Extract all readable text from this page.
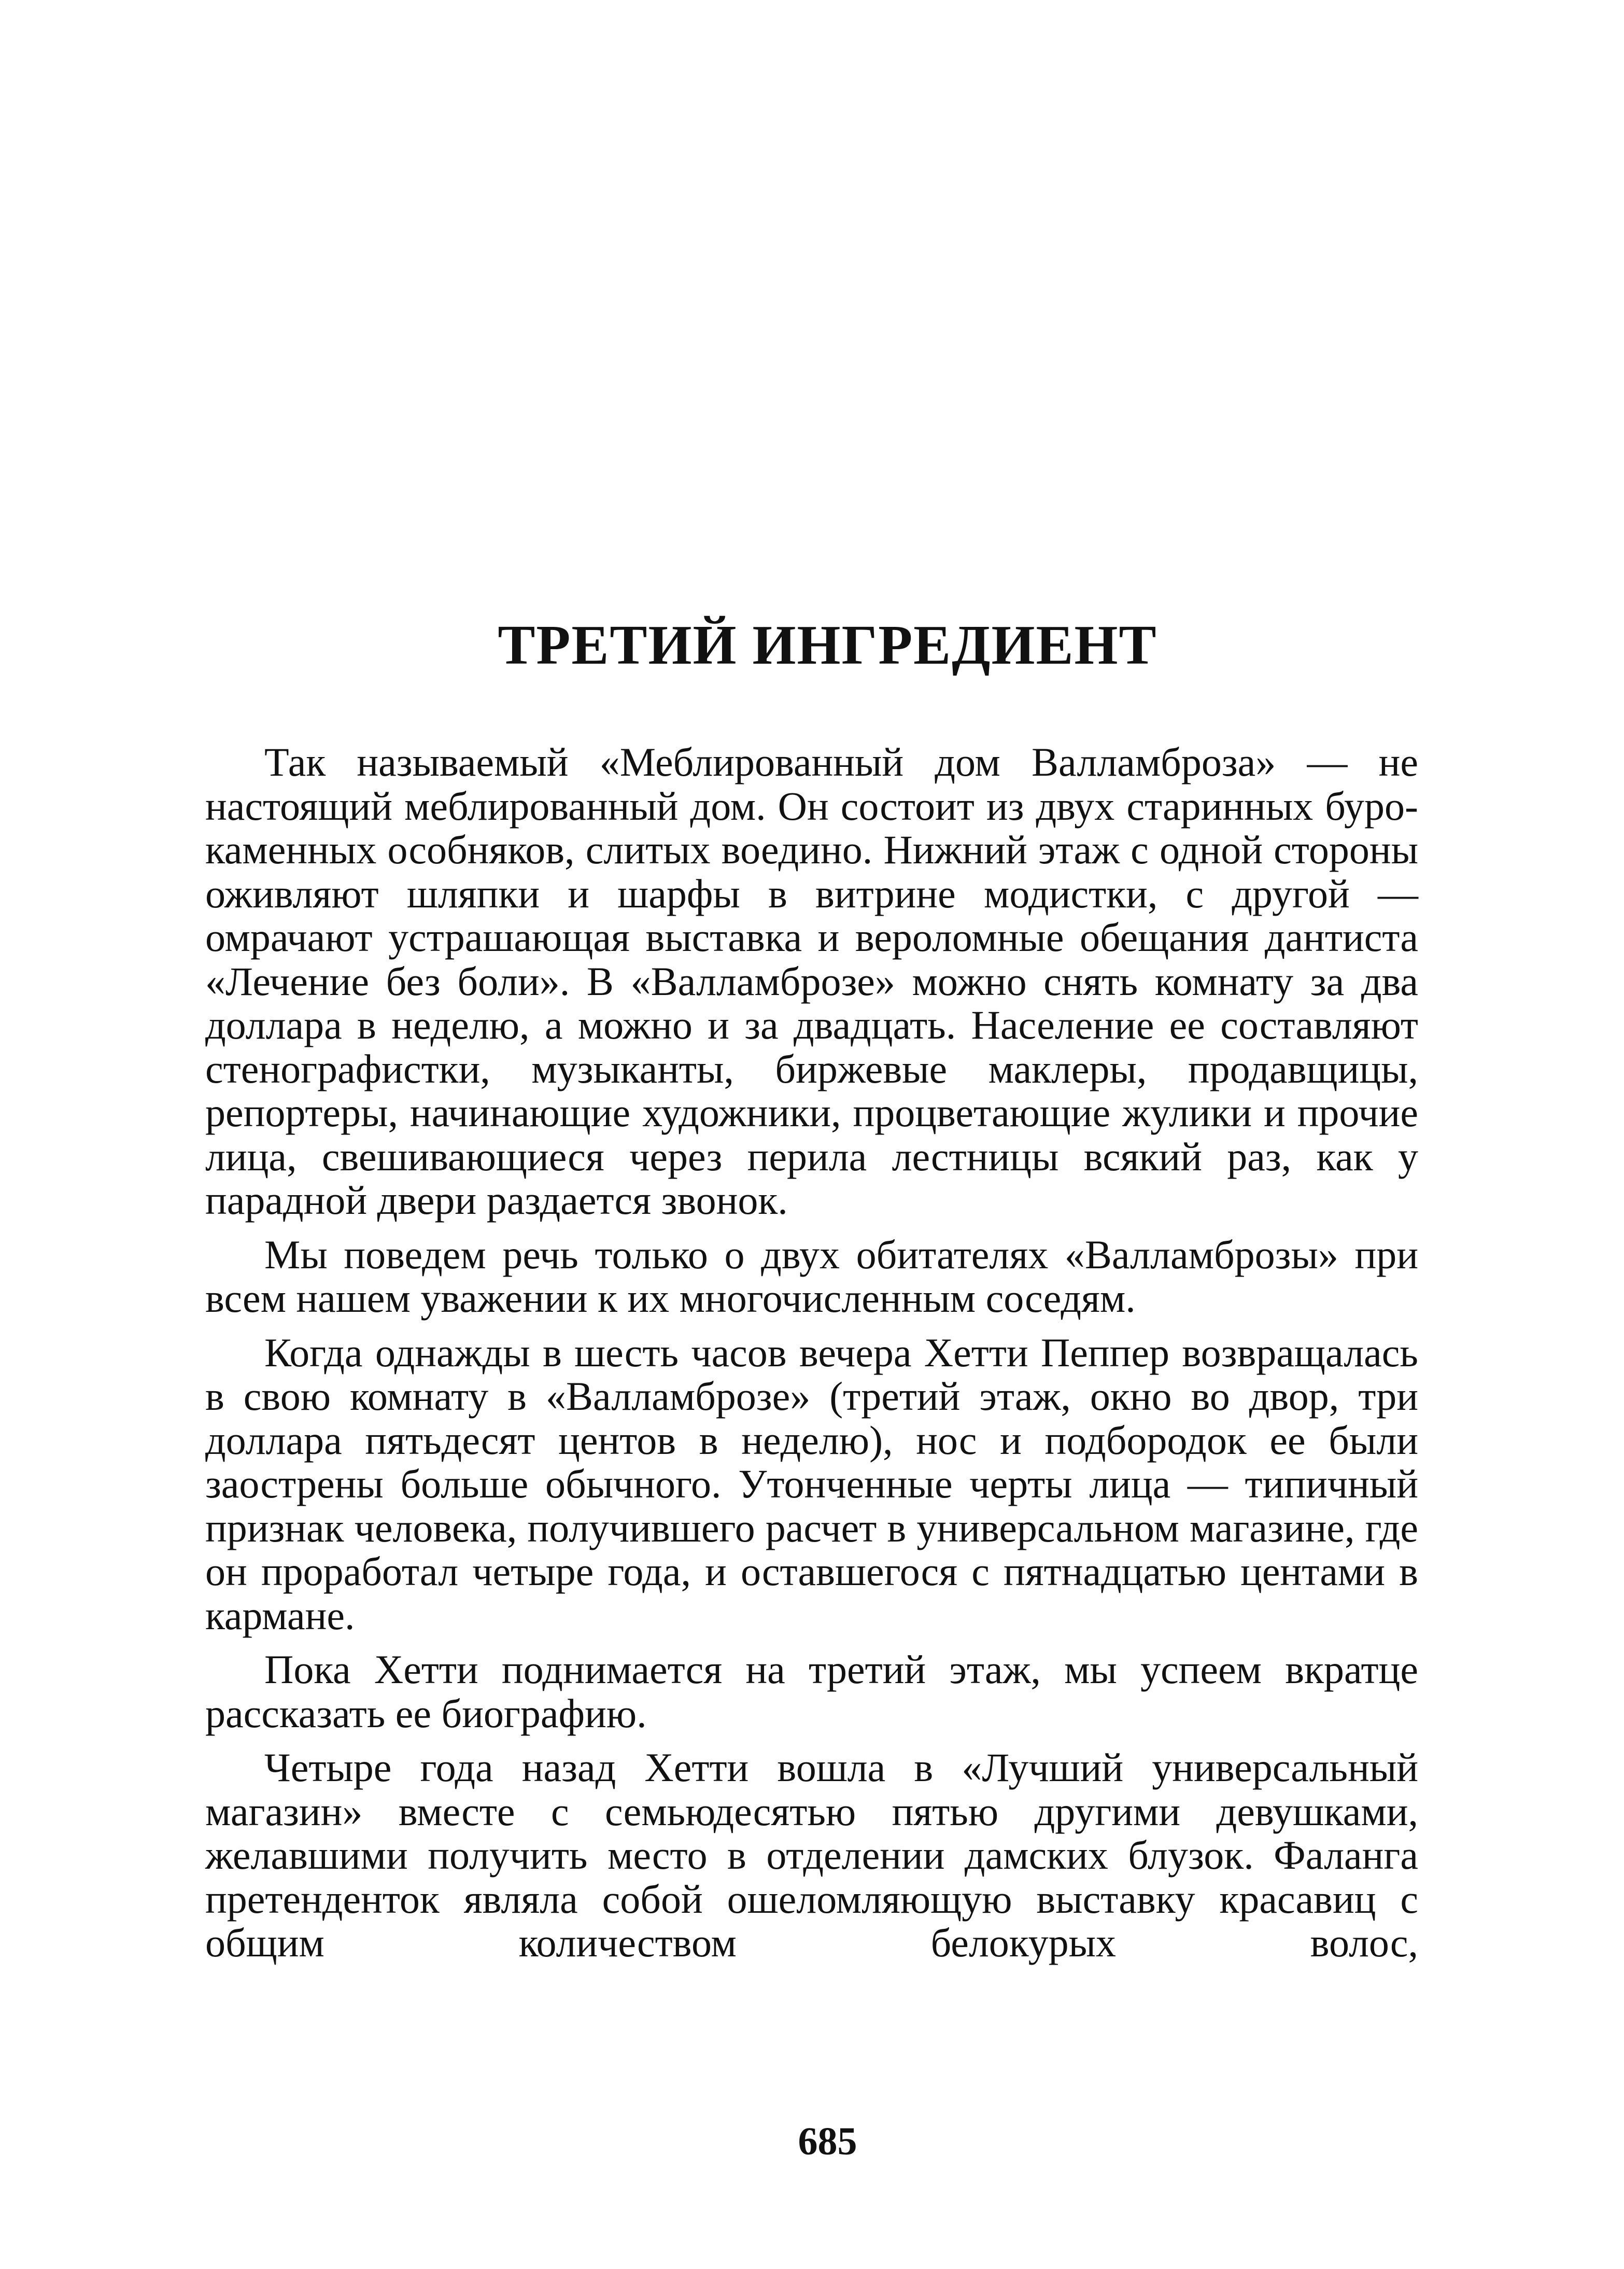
ТРЕТИЙ ИНГРЕДИЕНТ

Так называемый «Меблированный дом Валламброза» — не настоящий меблированный дом. Он состоит из двух старинных буро-каменных особняков, слитых воедино. Нижний этаж с одной стороны оживляют шляпки и шарфы в витрине модистки, с другой — омрачают устрашающая выставка и вероломные обещания дантиста «Лечение без боли». В «Валламброзе» можно снять комнату за два доллара в неделю, а можно и за двадцать. Население ее составляют стенографистки, музыканты, биржевые маклеры, продавщицы, репортеры, начинающие художники, процветающие жулики и прочие лица, свешивающиеся через перила лестницы всякий раз, как у парадной двери раздается звонок.

Мы поведем речь только о двух обитателях «Валламброзы» при всем нашем уважении к их многочисленным соседям.

Когда однажды в шесть часов вечера Хетти Пеппер возвращалась в свою комнату в «Валламброзе» (третий этаж, окно во двор, три доллара пятьдесят центов в неделю), нос и подбородок ее были заострены больше обычного. Утонченные черты лица — типичный признак человека, получившего расчет в универсальном магазине, где он проработал четыре года, и оставшегося с пятнадцатью центами в кармане.

Пока Хетти поднимается на третий этаж, мы успеем вкратце рассказать ее биографию.

Четыре года назад Хетти вошла в «Лучший универсальный магазин» вместе с семьюдесятью пятью другими девушками, желавшими получить место в отделении дамских блузок. Фаланга претенденток являла собой ошеломляющую выставку красавиц с общим количеством белокурых волос,

685
